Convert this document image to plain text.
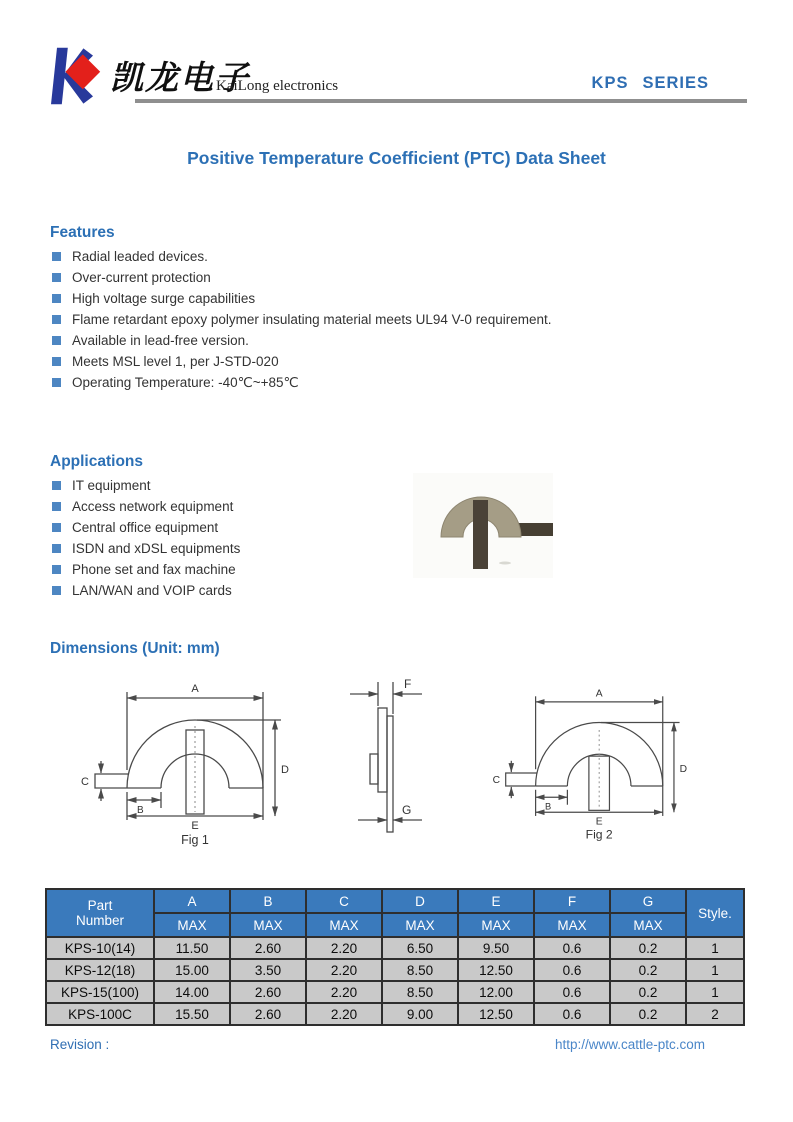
凯龙电子
KaiLong electronics	KPS SERIES
Positive Temperature Coefficient (PTC) Data Sheet
Features
Radial leaded devices.
Over-current protection
High voltage surge capabilities
Flame retardant epoxy polymer insulating material meets UL94 V-0 requirement.
Available in lead-free version.
Meets MSL level 1, per J-STD-020
Operating Temperature: -40℃~+85℃
Applications
IT equipment
Access network equipment
Central office equipment
ISDN and xDSL equipments
Phone set and fax machine
LAN/WAN and VOIP cards
Dimensions (Unit: mm)
A
C
B
D
E
Fig 1
F
G
A
C
B
D
E
Fig 2
Part
Number	A	B	C	D	E	F	G	Style.
	MAX	MAX	MAX	MAX	MAX	MAX	MAX	
KPS-10(14)	11.50	2.60	2.20	6.50	9.50	0.6	0.2	1
KPS-12(18)	15.00	3.50	2.20	8.50	12.50	0.6	0.2	1
KPS-15(100)	14.00	2.60	2.20	8.50	12.00	0.6	0.2	1
KPS-100C	15.50	2.60	2.20	9.00	12.50	0.6	0.2	2
Revision :	http://www.cattle-ptc.com
